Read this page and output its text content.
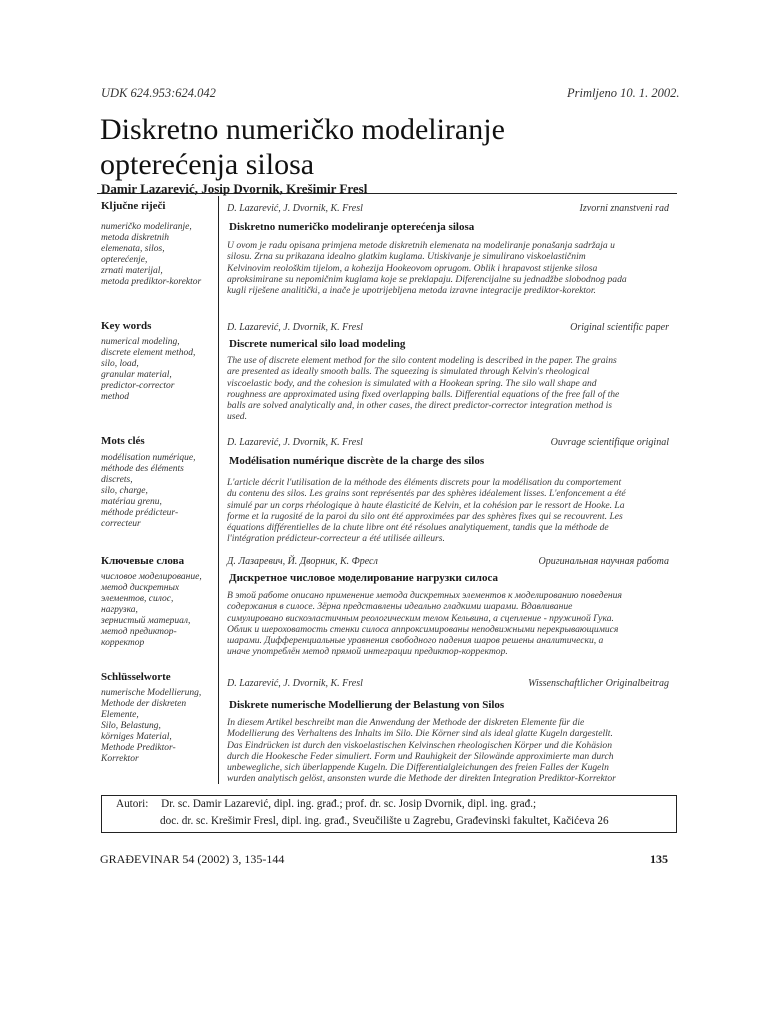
UDK 624.953:624.042	Primljeno 10. 1. 2002.
Diskretno numeričko modeliranje
opterećenja silosa
Damir Lazarević, Josip Dvornik, Krešimir Fresl
Ključne riječi
numeričko modeliranje,
metoda diskretnih
elemenata, silos,
opterećenje,
zrnati materijal,
metoda prediktor-korektor
D. Lazarević, J. Dvornik, K. Fresl	Izvorni znanstveni rad
Diskretno numeričko modeliranje opterećenja silosa
U ovom je radu opisana primjena metode diskretnih elemenata na modeliranje ponašanja sadržaja u
silosu. Zrna su prikazana idealno glatkim kuglama. Utiskivanje je simulirano viskoelastičnim
Kelvinovim reološkim tijelom, a kohezija Hookeovom oprugom. Oblik i hrapavost stijenke silosa
aproksimirane su nepomičnim kuglama koje se preklapaju. Diferencijalne su jednadžbe slobodnog pada
kugli riješene analitički, a inače je upotrijebljena metoda izravne integracije prediktor-korektor.
Key words
numerical modeling,
discrete element method,
silo, load,
granular material,
predictor-corrector
method
D. Lazarević, J. Dvornik, K. Fresl	Original scientific paper
Discrete numerical silo load modeling
The use of discrete element method for the silo content modeling is described in the paper. The grains
are presented as ideally smooth balls. The squeezing is simulated through Kelvin's rheological
viscoelastic body, and the cohesion is simulated with a Hookean spring. The silo wall shape and
roughness are approximated using fixed overlapping balls. Differential equations of the free fall of the
balls are solved analytically and, in other cases, the direct predictor-corrector integration method is
used.
Mots clés
modélisation numérique,
méthode des éléments
discrets,
silo, charge,
matériau grenu,
méthode prédicteur-
correcteur
D. Lazarević, J. Dvornik, K. Fresl	Ouvrage scientifique original
Modélisation numérique discrète de la charge des silos
L'article décrit l'utilisation de la méthode des éléments discrets pour la modélisation du comportement
du contenu des silos. Les grains sont représentés par des sphères idéalement lisses. L'enfoncement a été
simulé par un corps rhéologique à haute élasticité de Kelvin, et la cohésion par le ressort de Hooke. La
forme et la rugosité de la paroi du silo ont été approximées par des sphères fixes qui se recouvrent. Les
équations différentielles de la chute libre ont été résolues analytiquement, tandis que la méthode de
l'intégration prédicteur-correcteur a été utilisée ailleurs.
Ключевые слова
числовое моделирование,
метод дискретных
элементов, силос,
нагрузка,
зернистый материал,
метод предиктор-
корректор
Д. Лазаревич, Й. Дворник, К. Фресл	Оригинальная научная работа
Дискретное числовое моделирование нагрузки силоса
В этой работе описано применение метода дискретных элементов к моделированию поведения
содержания в силосе. Зёрна представлены идеально гладкими шарами. Вдавливание
симулировано вискоэластичным реологическим телом Кельвина, а сцепление - пружиной Гука.
Облик и шероховатость стенки силоса аппроксимированы неподвижными перекрывающимися
шарами. Дифференциальные уравнения свободного падения шаров решены аналитически, а
иначе употреблён метод прямой интеграции предиктор-корректор.
Schlüsselworte
numerische Modellierung,
Methode der diskreten
Elemente,
Silo, Belastung,
körniges Material,
Methode Prediktor-
Korrektor
D. Lazarević, J. Dvornik, K. Fresl	Wissenschaftlicher Originalbeitrag
Diskrete numerische Modellierung der Belastung von Silos
In diesem Artikel beschreibt man die Anwendung der Methode der diskreten Elemente für die
Modellierung des Verhaltens des Inhalts im Silo. Die Körner sind als ideal glatte Kugeln dargestellt.
Das Eindrücken ist durch den viskoelastischen Kelvinschen rheologischen Körper und die Kohäsion
durch die Hookesche Feder simuliert. Form und Rauhigkeit der Silowände approximierte man durch
unbewegliche, sich überlappende Kugeln. Die Differentialgleichungen des freien Falles der Kugeln
wurden analytisch gelöst, ansonsten wurde die Methode der direkten Integration Prediktor-Korrektor
Autori: Dr. sc. Damir Lazarević, dipl. ing. građ.; prof. dr. sc. Josip Dvornik, dipl. ing. građ.;
doc. dr. sc. Krešimir Fresl, dipl. ing. građ., Sveučilište u Zagrebu, Građevinski fakultet, Kačićeva 26
GRAĐEVINAR 54 (2002) 3, 135-144	135
